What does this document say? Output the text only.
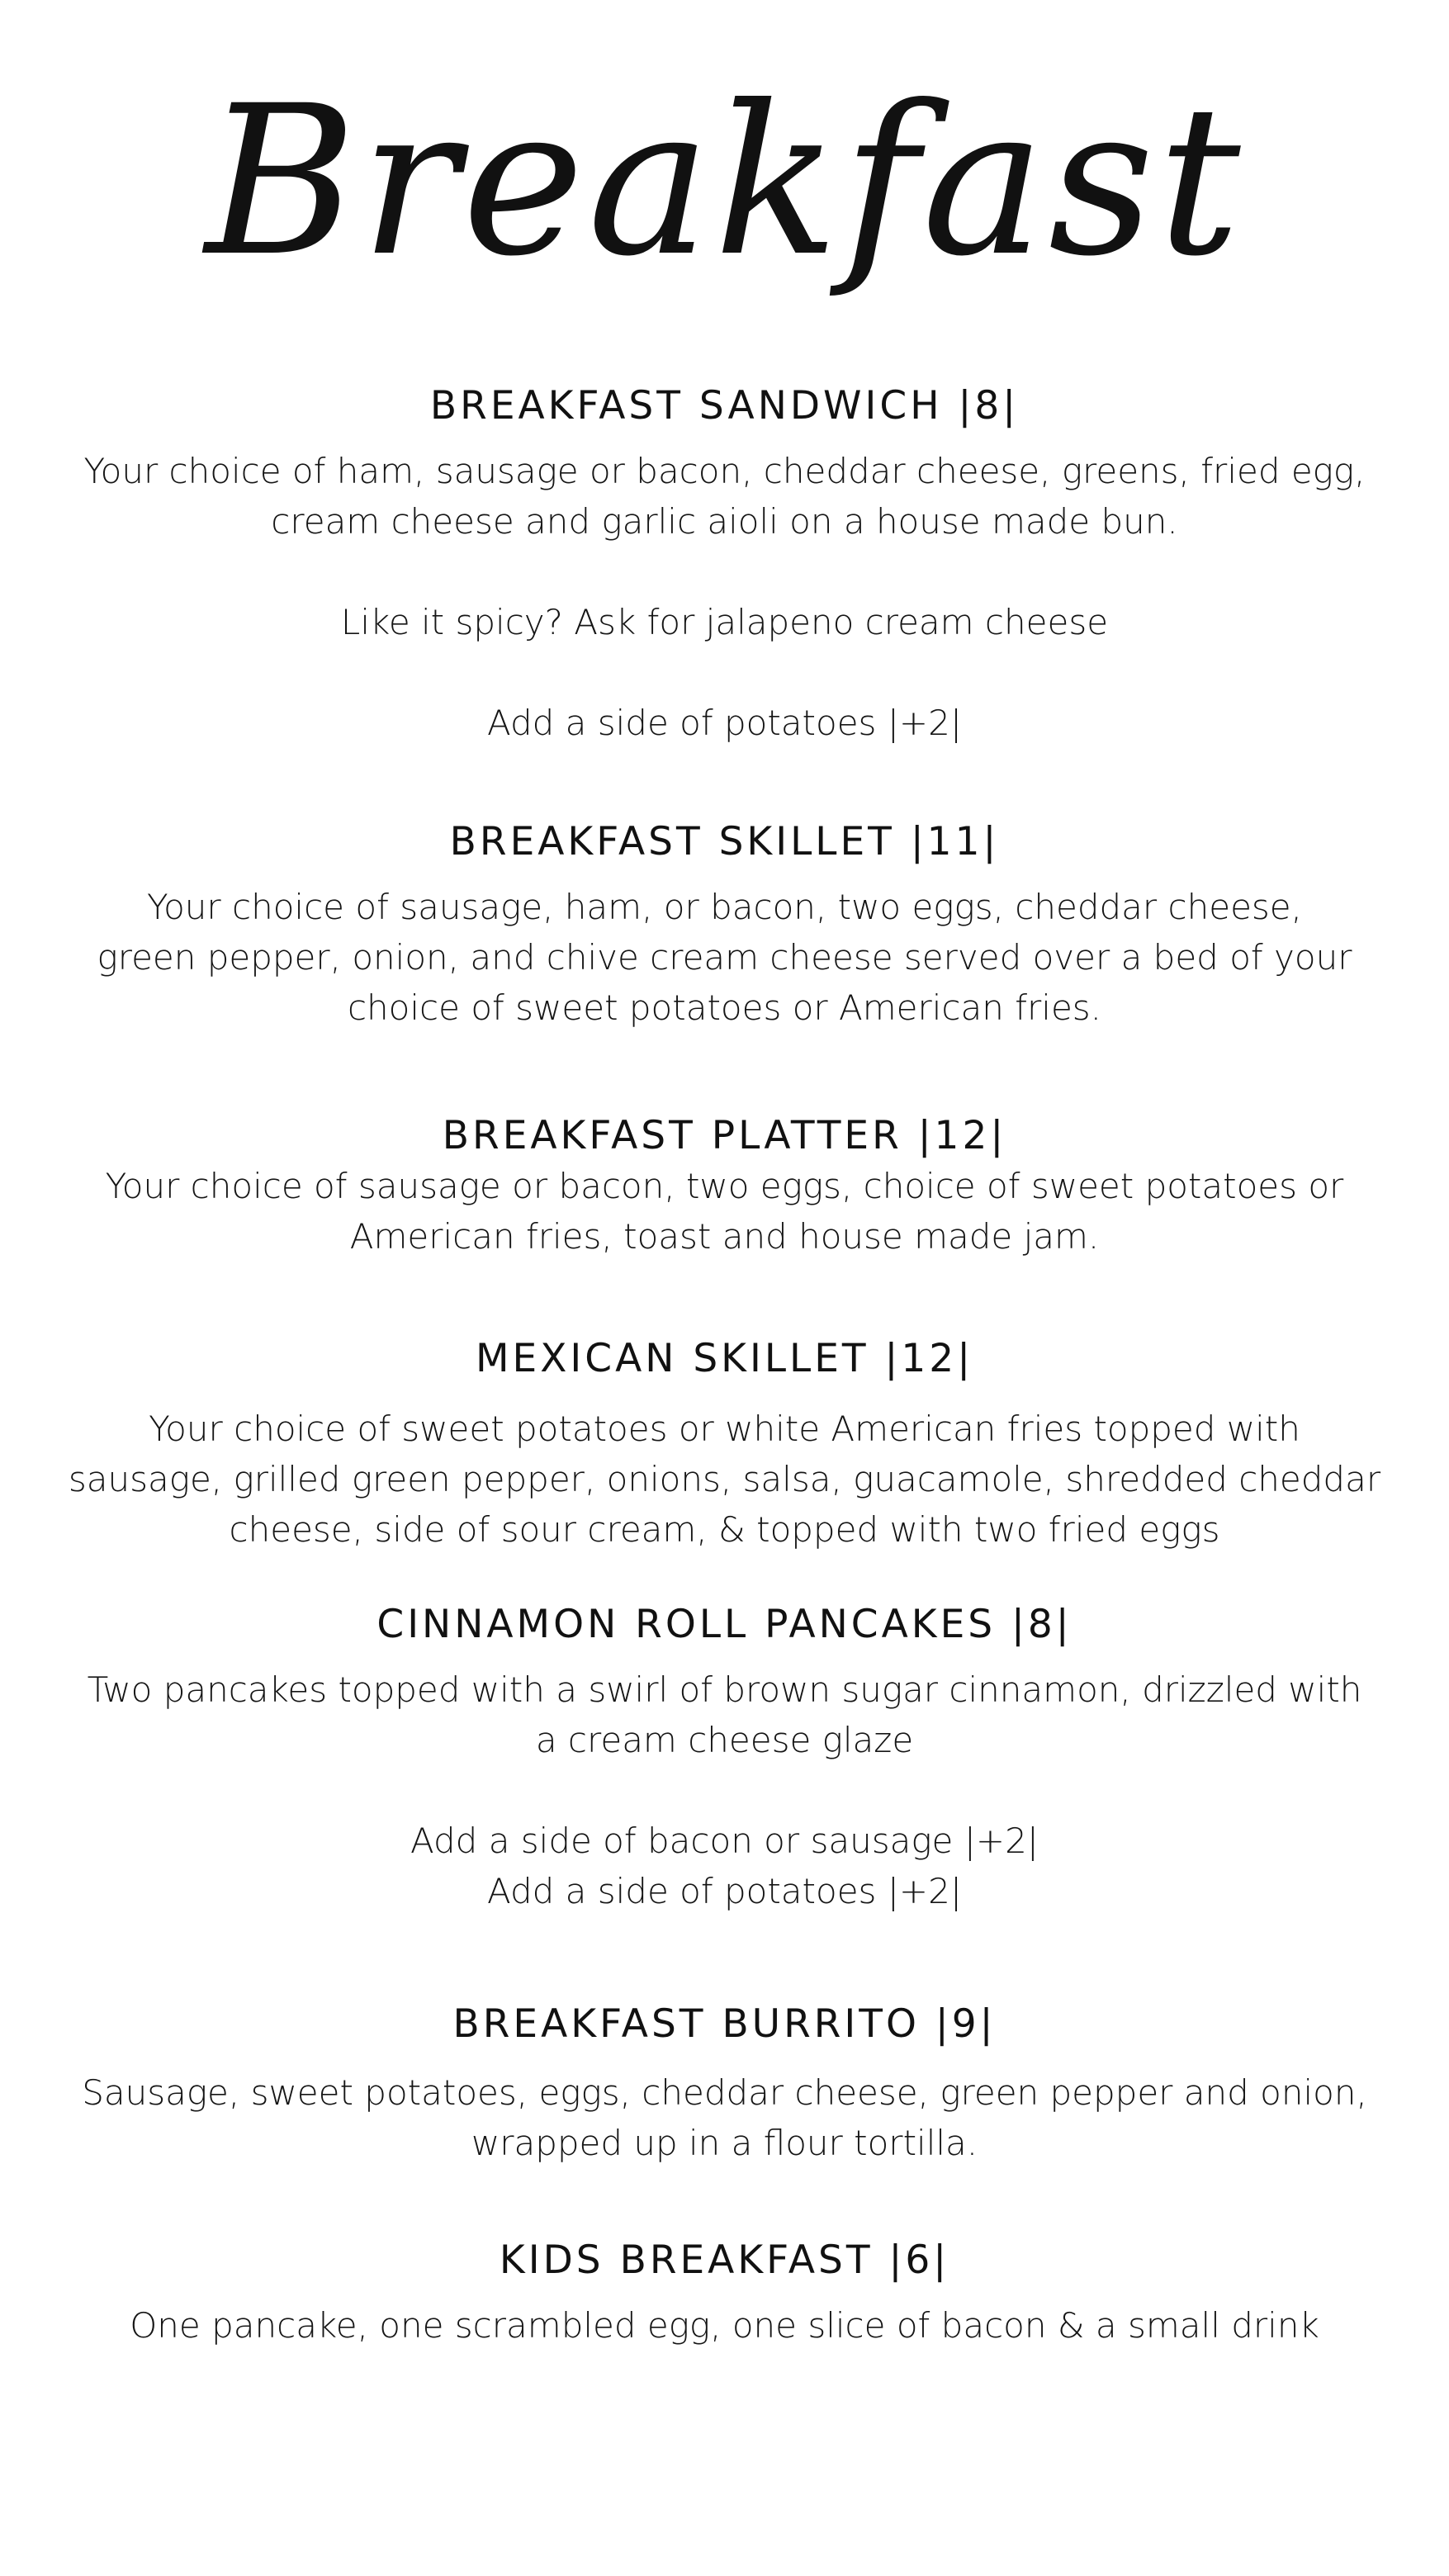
Breakfast

BREAKFAST SANDWICH |8|

Your choice of ham, sausage or bacon, cheddar cheese, greens, fried egg,

cream cheese and garlic aioli on a house made bun.

Like it spicy? Ask for jalapeno cream cheese

Add a side of potatoes |+2|

BREAKFAST SKILLET |11|

Your choice of sausage, ham, or bacon, two eggs, cheddar cheese,

green pepper, onion, and chive cream cheese served over a bed of your

choice of sweet potatoes or American fries.

BREAKFAST PLATTER |12|

Your choice of sausage or bacon, two eggs, choice of sweet potatoes or

American fries, toast and house made jam.

MEXICAN SKILLET |12|

Your choice of sweet potatoes or white American fries topped with

sausage, grilled green pepper, onions, salsa, guacamole, shredded cheddar

cheese, side of sour cream, & topped with two fried eggs

CINNAMON ROLL PANCAKES |8|

Two pancakes topped with a swirl of brown sugar cinnamon, drizzled with

a cream cheese glaze

Add a side of bacon or sausage |+2|

Add a side of potatoes |+2|

BREAKFAST BURRITO |9|

Sausage, sweet potatoes, eggs, cheddar cheese, green pepper and onion,

wrapped up in a flour tortilla.

KIDS BREAKFAST |6|

One pancake, one scrambled egg, one slice of bacon & a small drink
